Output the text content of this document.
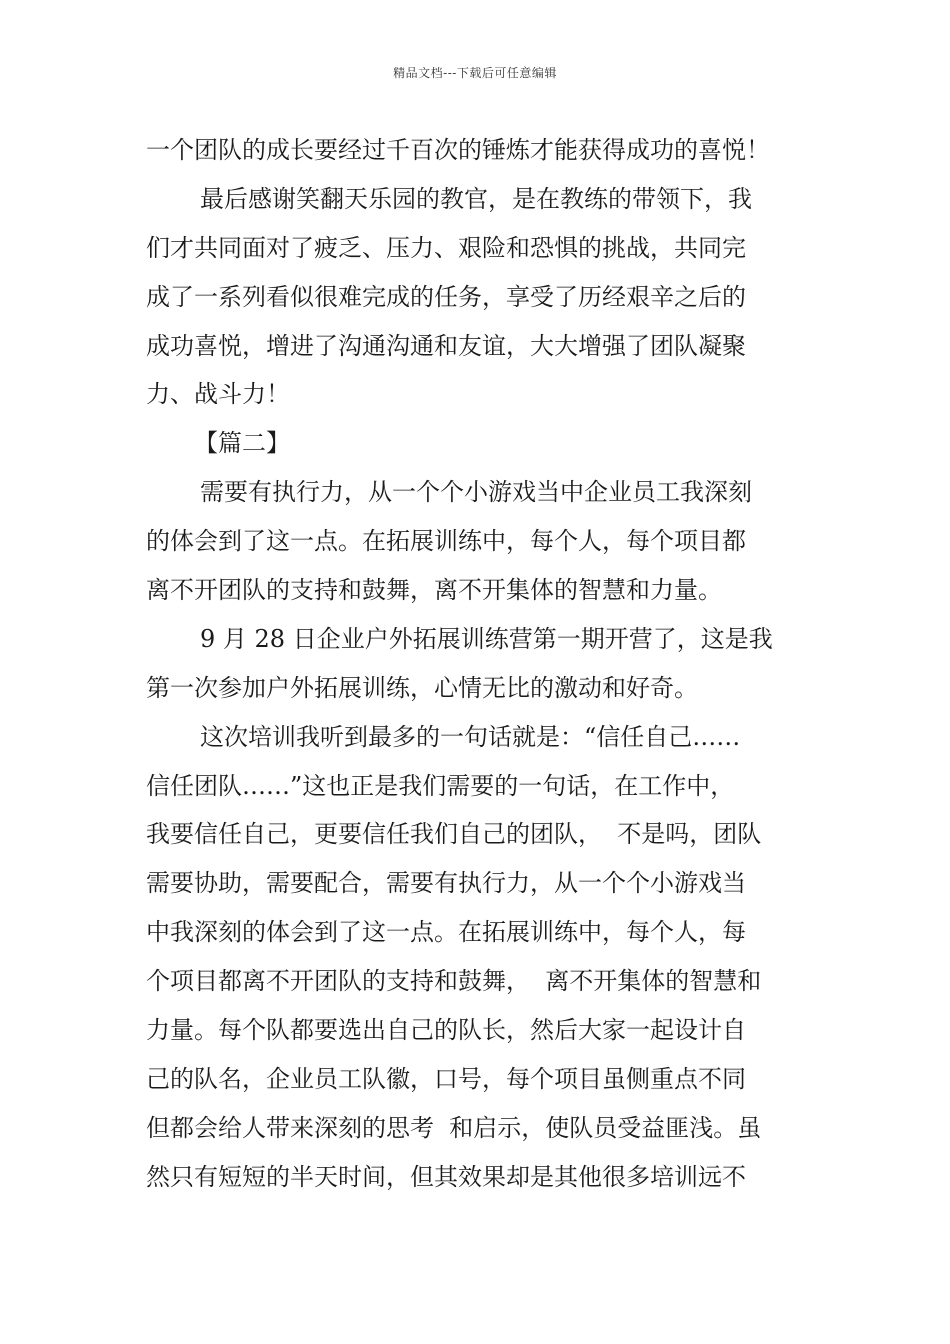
精品文档---下载后可任意编辑
一个团队的成长要经过千百次的锤炼才能获得成功的喜悦！
最后感谢笑翻天乐园的教官，是在教练的带领下，我
们才共同面对了疲乏、压力、艰险和恐惧的挑战，共同完
成了一系列看似很难完成的任务，享受了历经艰辛之后的
成功喜悦，增进了沟通沟通和友谊，大大增强了团队凝聚
力、战斗力！
【篇二】
需要有执行力，从一个个小游戏当中企业员工我深刻
的体会到了这一点。在拓展训练中，每个人，每个项目都
离不开团队的支持和鼓舞，离不开集体的智慧和力量。
9 月 28 日企业户外拓展训练营第一期开营了，这是我
第一次参加户外拓展训练，心情无比的激动和好奇。
这次培训我听到最多的一句话就是：“信任自己……
信任团队……”这也正是我们需要的一句话，在工作中，
我要信任自己，更要信任我们自己的团队，  不是吗，团队
需要协助，需要配合，需要有执行力，从一个个小游戏当
中我深刻的体会到了这一点。在拓展训练中，每个人，每
个项目都离不开团队的支持和鼓舞，  离不开集体的智慧和
力量。每个队都要选出自己的队长，然后大家一起设计自
己的队名，企业员工队徽，口号，每个项目虽侧重点不同
但都会给人带来深刻的思考  和启示，使队员受益匪浅。虽
然只有短短的半天时间，但其效果却是其他很多培训远不
